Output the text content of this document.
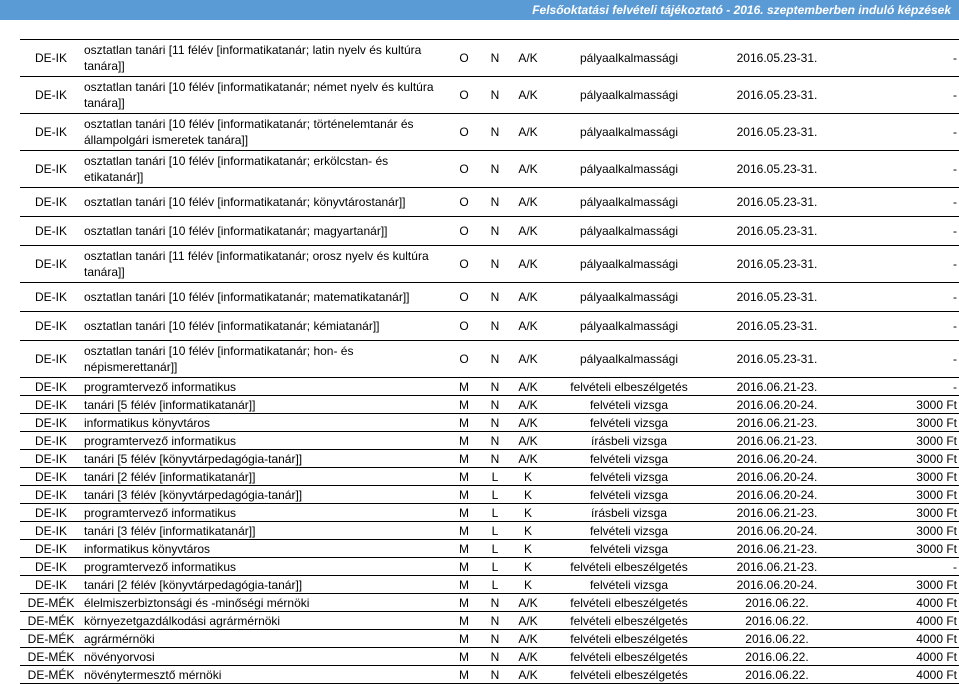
Felsőoktatási felvételi tájékoztató - 2016. szeptemberben induló képzések
DE-IK	osztatlan tanári [11 félév [informatikatanár; latin nyelv és kultúra tanára]]	O	N	A/K	pályaalkalmassági	2016.05.23-31.	-
DE-IK	osztatlan tanári [10 félév [informatikatanár; német nyelv és kultúra tanára]]	O	N	A/K	pályaalkalmassági	2016.05.23-31.	-
DE-IK	osztatlan tanári [10 félév [informatikatanár; történelemtanár és állampolgári ismeretek tanára]]	O	N	A/K	pályaalkalmassági	2016.05.23-31.	-
DE-IK	osztatlan tanári [10 félév [informatikatanár; erkölcstan- és etikatanár]]	O	N	A/K	pályaalkalmassági	2016.05.23-31.	-
DE-IK	osztatlan tanári [10 félév [informatikatanár; könyvtárostanár]]	O	N	A/K	pályaalkalmassági	2016.05.23-31.	-
DE-IK	osztatlan tanári [10 félév [informatikatanár; magyartanár]]	O	N	A/K	pályaalkalmassági	2016.05.23-31.	-
DE-IK	osztatlan tanári [11 félév [informatikatanár; orosz nyelv és kultúra tanára]]	O	N	A/K	pályaalkalmassági	2016.05.23-31.	-
DE-IK	osztatlan tanári [10 félév [informatikatanár; matematikatanár]]	O	N	A/K	pályaalkalmassági	2016.05.23-31.	-
DE-IK	osztatlan tanári [10 félév [informatikatanár; kémiatanár]]	O	N	A/K	pályaalkalmassági	2016.05.23-31.	-
DE-IK	osztatlan tanári [10 félév [informatikatanár; hon- és népismerettanár]]	O	N	A/K	pályaalkalmassági	2016.05.23-31.	-
DE-IK	programtervező informatikus	M	N	A/K	felvételi elbeszélgetés	2016.06.21-23.	-
DE-IK	tanári [5 félév [informatikatanár]]	M	N	A/K	felvételi vizsga	2016.06.20-24.	3000 Ft
DE-IK	informatikus könyvtáros	M	N	A/K	felvételi vizsga	2016.06.21-23.	3000 Ft
DE-IK	programtervező informatikus	M	N	A/K	írásbeli vizsga	2016.06.21-23.	3000 Ft
DE-IK	tanári [5 félév [könyvtárpedagógia-tanár]]	M	N	A/K	felvételi vizsga	2016.06.20-24.	3000 Ft
DE-IK	tanári [2 félév [informatikatanár]]	M	L	K	felvételi vizsga	2016.06.20-24.	3000 Ft
DE-IK	tanári [3 félév [könyvtárpedagógia-tanár]]	M	L	K	felvételi vizsga	2016.06.20-24.	3000 Ft
DE-IK	programtervező informatikus	M	L	K	írásbeli vizsga	2016.06.21-23.	3000 Ft
DE-IK	tanári [3 félév [informatikatanár]]	M	L	K	felvételi vizsga	2016.06.20-24.	3000 Ft
DE-IK	informatikus könyvtáros	M	L	K	felvételi vizsga	2016.06.21-23.	3000 Ft
DE-IK	programtervező informatikus	M	L	K	felvételi elbeszélgetés	2016.06.21-23.	-
DE-IK	tanári [2 félév [könyvtárpedagógia-tanár]]	M	L	K	felvételi vizsga	2016.06.20-24.	3000 Ft
DE-MÉK	élelmiszerbiztonsági és -minőségi mérnöki	M	N	A/K	felvételi elbeszélgetés	2016.06.22.	4000 Ft
DE-MÉK	környezetgazdálkodási agrármérnöki	M	N	A/K	felvételi elbeszélgetés	2016.06.22.	4000 Ft
DE-MÉK	agrármérnöki	M	N	A/K	felvételi elbeszélgetés	2016.06.22.	4000 Ft
DE-MÉK	növényorvosi	M	N	A/K	felvételi elbeszélgetés	2016.06.22.	4000 Ft
DE-MÉK	növénytermesztő mérnöki	M	N	A/K	felvételi elbeszélgetés	2016.06.22.	4000 Ft
